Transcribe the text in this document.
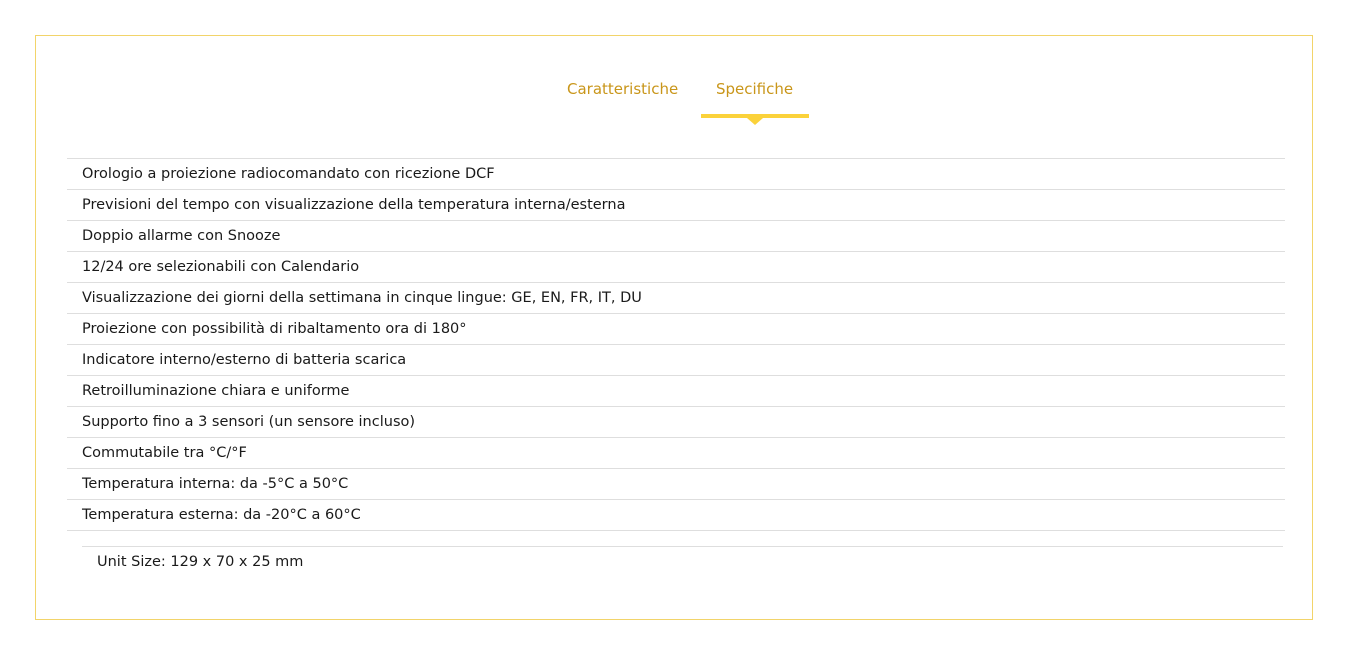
Caratteristiche	Specifiche
Orologio a proiezione radiocomandato con ricezione DCF
Previsioni del tempo con visualizzazione della temperatura interna/esterna
Doppio allarme con Snooze
12/24 ore selezionabili con Calendario
Visualizzazione dei giorni della settimana in cinque lingue: GE, EN, FR, IT, DU
Proiezione con possibilità di ribaltamento ora di 180°
Indicatore interno/esterno di batteria scarica
Retroilluminazione chiara e uniforme
Supporto fino a 3 sensori (un sensore incluso)
Commutabile tra °C/°F
Temperatura interna: da -5°C a 50°C
Temperatura esterna: da -20°C a 60°C
Unit Size: 129 x 70 x 25 mm
